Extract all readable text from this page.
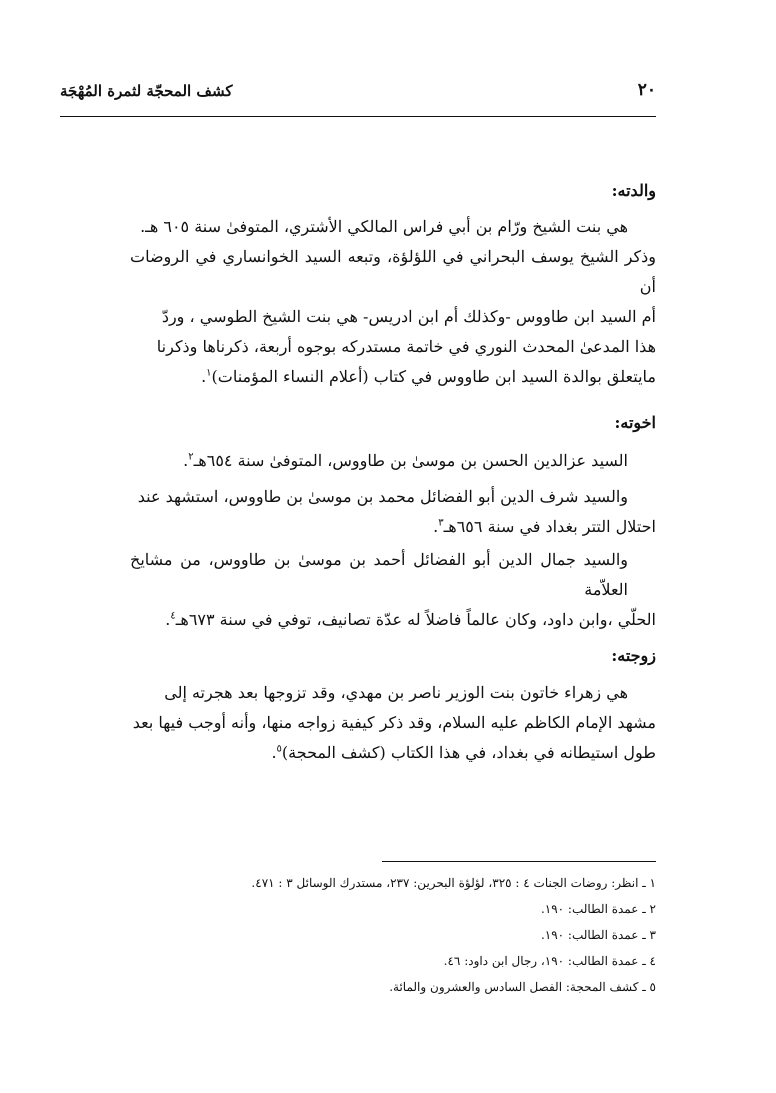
كشف المحجّة لثمرة المُهْجَة	٢٠
والدته:
هي بنت الشيخ ورّام بن أبي فراس المالكي الأشتري، المتوفىٰ سنة ٦٠٥ هـ.
وذكر الشيخ يوسف البحراني في اللؤلؤة، وتبعه السيد الخوانساري في الروضات أن
أم السيد ابن طاووس -وكذلك أم ابن ادريس- هي بنت الشيخ الطوسي ، وردّ
هذا المدعىٰ المحدث النوري في خاتمة مستدركه بوجوه أربعة، ذكرناها وذكرنا
مايتعلق بوالدة السيد ابن طاووس في كتاب (أعلام النساء المؤمنات)$^١$.
اخوته:
السيد عزالدين الحسن بن موسىٰ بن طاووس، المتوفىٰ سنة ٦٥٤هـ$^٢$.
والسيد شرف الدين أبو الفضائل محمد بن موسىٰ بن طاووس، استشهد عند
احتلال التتر بغداد في سنة ٦٥٦هـ$^٣$.
والسيد جمال الدين أبو الفضائل أحمد بن موسىٰ بن طاووس، من مشايخ العلاّمة
الحلّي ،وابن داود، وكان عالماً فاضلاً له عدّة تصانيف، توفي في سنة ٦٧٣هـ$^٤$.
زوجته:
هي زهراء خاتون بنت الوزير ناصر بن مهدي، وقد تزوجها بعد هجرته إلى
مشهد الإمام الكاظم عليه السلام، وقد ذكر كيفية زواجه منها، وأنه أوجب فيها بعد
طول استيطانه في بغداد، في هذا الكتاب (كشف المحجة)$^٥$.
١ ـ انظر: روضات الجنات ٤ : ٣٢٥، لؤلؤة البحرين: ٢٣٧، مستدرك الوسائل ٣ : ٤٧١.
٢ ـ عمدة الطالب: ١٩٠.
٣ ـ عمدة الطالب: ١٩٠.
٤ ـ عمدة الطالب: ١٩٠، رجال ابن داود: ٤٦.
٥ ـ كشف المحجة: الفصل السادس والعشرون والمائة.
